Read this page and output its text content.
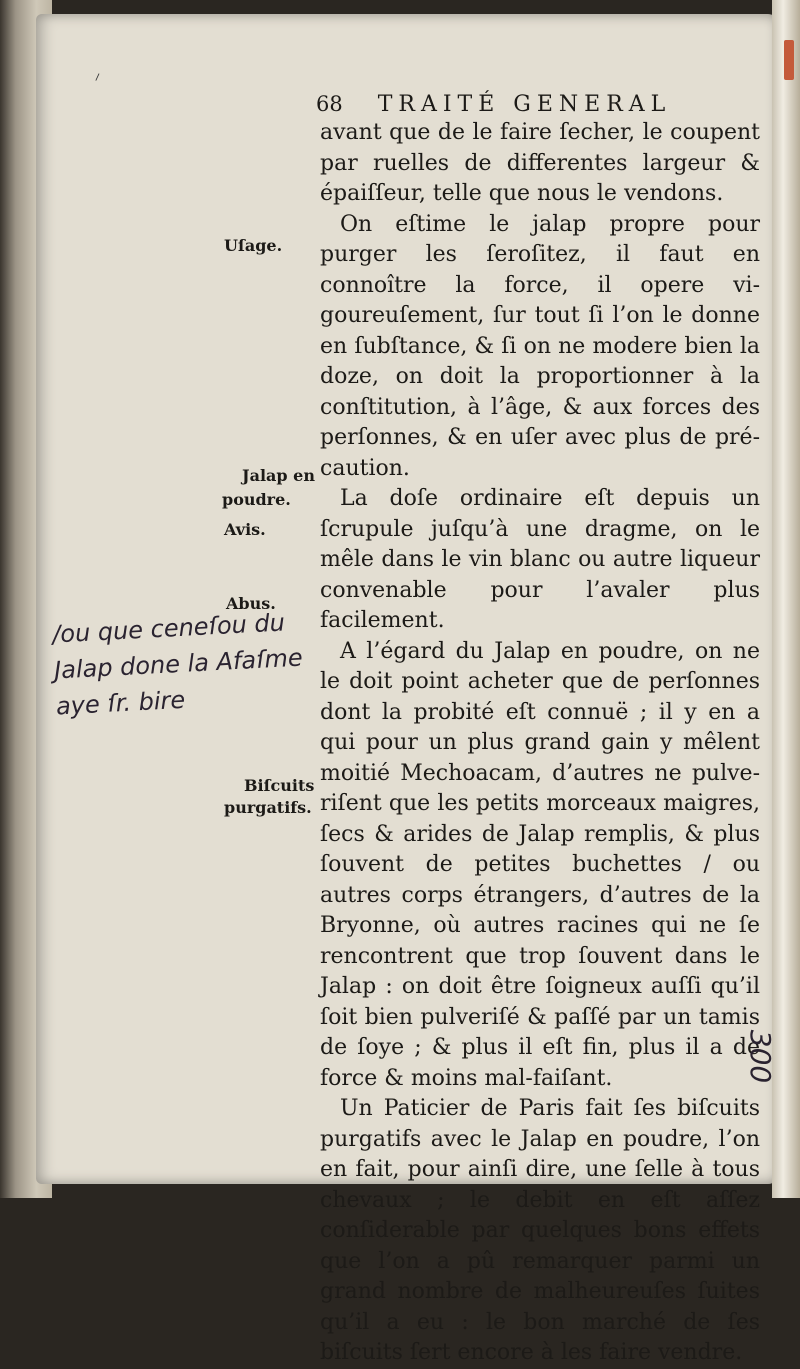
⸝
68 TRAITÉ GENERAL

avant que de le faire ſecher, le coupent par ruelles de differentes largeur & épaiſſeur, telle que nous le vendons.

On eſtime le jalap propre pour purger les ſeroſitez, il faut en connoître la force, il opere vigoureuſement, ſur tout ſi l’on le donne en ſubſtance, & ſi on ne modere bien la doze, on doit la proportionner à la conſtitution, à l’âge, & aux forces des perſonnes, & en uſer avec plus de précaution.

La doſe ordinaire eſt depuis un ſcrupule juſqu’à une dragme, on le mêle dans le vin blanc ou autre liqueur convenable pour l’avaler plus facilement.

A l’égard du Jalap en poudre, on ne le doit point acheter que de perſonnes dont la probité eſt connuë ; il y en a qui pour un plus grand gain y mêlent moitié Mechoacam, d’autres ne pulveriſent que les petits morceaux maigres, ſecs & arides de Jalap remplis, & plus ſouvent de petites buchettes / ou autres corps étrangers, d’autres de la Bryonne, où autres racines qui ne ſe rencontrent que trop ſouvent dans le Jalap : on doit être ſoigneux auſſi qu’il ſoit bien pulveriſé & paſſé par un tamis de ſoye ; & plus il eſt fin, plus il a de force & moins mal-faiſant.

Un Paticier de Paris fait ſes biſcuits purgatifs avec le Jalap en poudre, l’on en fait, pour ainſi dire, une ſelle à tous chevaux ; le debit en eſt aſſez conſiderable par quelques bons effets que l’on a pû remarquer parmi un grand nombre de malheureuſes ſuites qu’il a eu : le bon marché de ſes biſcuits ſert encore à les faire vendre.

Uſage.
Jalap en
poudre.
Avis.
Abus.
Biſcuits
purgatifs.
/ou que ceneſou du Jalap done la Afaſme aye ſr. bire
300
